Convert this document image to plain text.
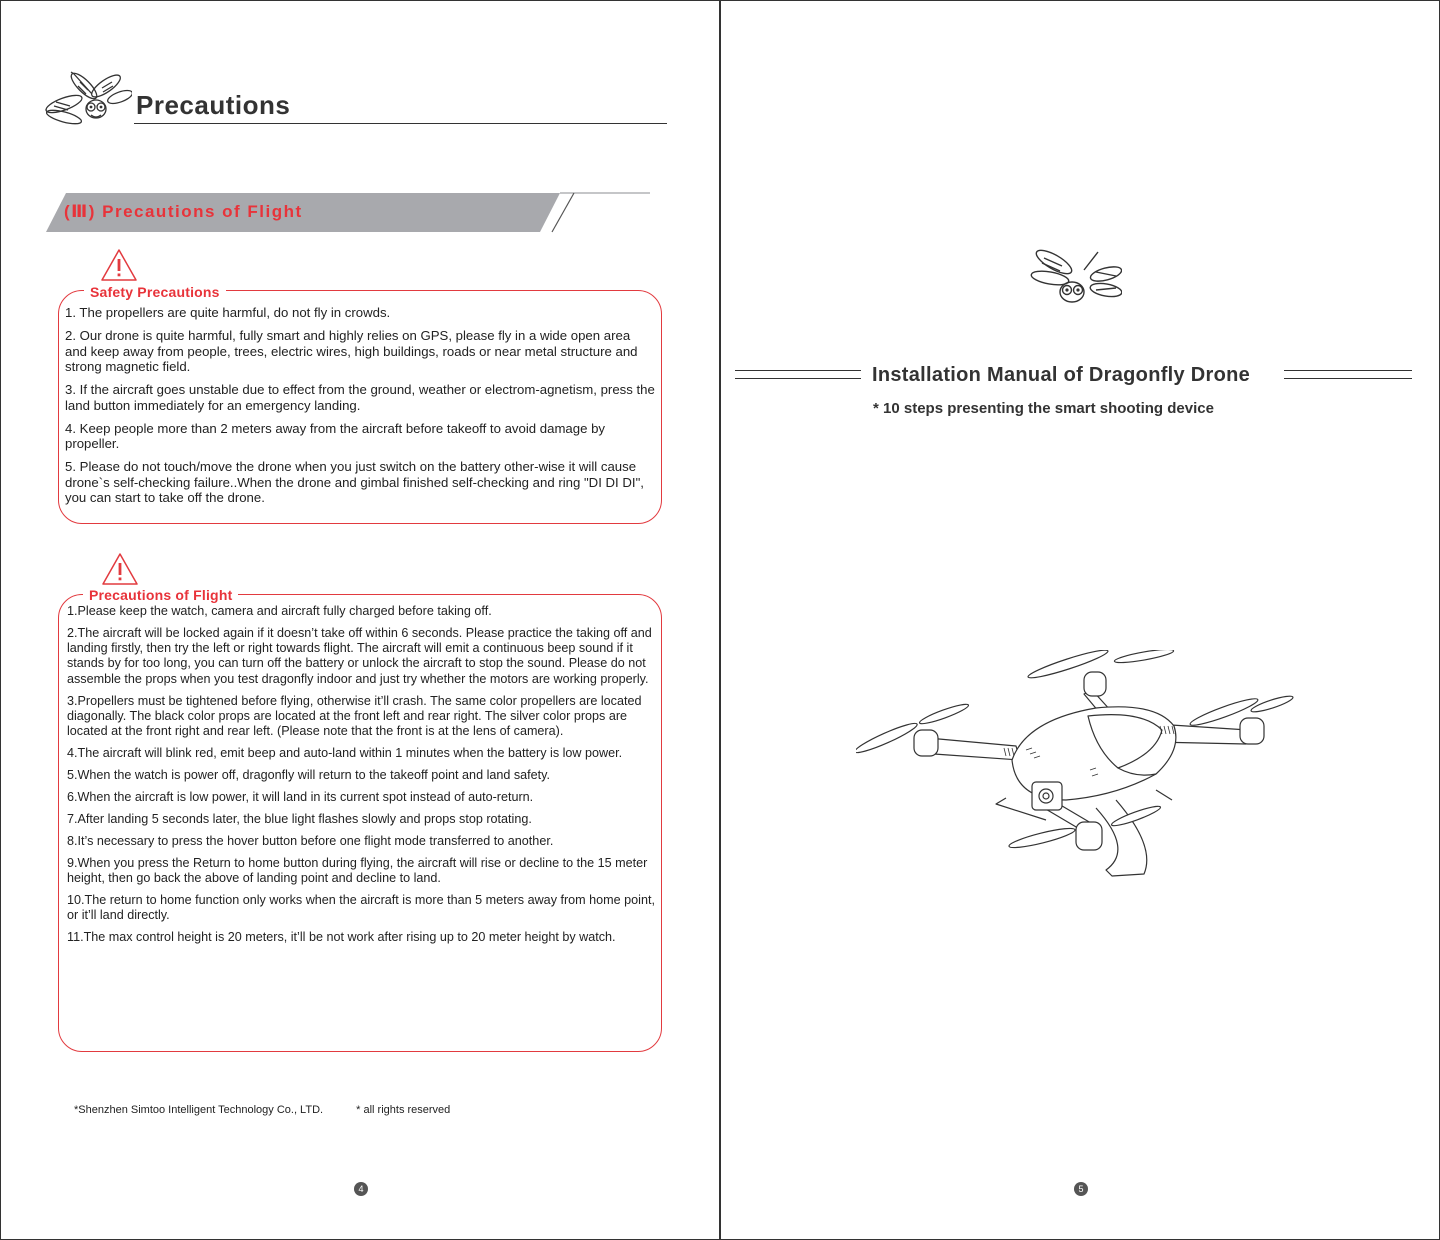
Precautions
(Ⅲ) Precautions of Flight
Safety Precautions
1. The propellers are quite harmful, do not fly in crowds.
2. Our drone is quite harmful, fully smart and highly relies on GPS, please fly in a wide open area and keep away from people, trees, electric wires, high buildings, roads or near metal structure and strong magnetic field.
3. If the aircraft goes unstable due to effect from the ground, weather or electrom-agnetism, press the land button immediately for an emergency landing.
4. Keep people more than 2 meters away from the aircraft before takeoff to avoid damage by propeller.
5. Please do not touch/move the drone when you just switch on the battery other-wise it will cause drone`s self-checking failure..When the drone and gimbal finished self-checking and ring "DI DI DI", you can start to take off the drone.
Precautions of Flight
1.Please keep the watch, camera and aircraft fully charged before taking off.
2.The aircraft will be locked again if it doesn’t take off within 6 seconds. Please practice the taking off and landing firstly, then try the left or right towards flight. The aircraft will emit a continuous beep sound if it stands by for too long, you can turn off the battery or unlock the aircraft to stop the sound. Please do not assemble the props when you test dragonfly indoor and just try whether the motors are working properly.
3.Propellers must be tightened before flying, otherwise it’ll crash. The same color propellers are located diagonally. The black color props are located at the front left and rear right. The silver color props are located at the front right and rear left. (Please note that the front is at the lens of camera).
4.The aircraft will blink red, emit beep and auto-land within 1 minutes when the battery is low power.
5.When the watch is power off, dragonfly will return to the takeoff point and land safety.
6.When the aircraft is low power, it will land in its current spot instead of auto-return.
7.After landing 5 seconds later, the blue light flashes slowly and props stop rotating.
8.It’s necessary to press the hover button before one flight mode transferred to another.
9.When you press the Return to home button during flying, the aircraft will rise or decline to the 15 meter height, then go back the above of landing point and decline to land.
10.The return to home function only works when the aircraft is more than 5 meters away from home point, or it’ll land directly.
11.The max control height is 20 meters, it’ll be not work after rising up to 20 meter height by watch.
*Shenzhen Simtoo Intelligent Technology Co., LTD.	* all rights reserved
4
Installation Manual of Dragonfly Drone
* 10 steps presenting the smart shooting device
5
